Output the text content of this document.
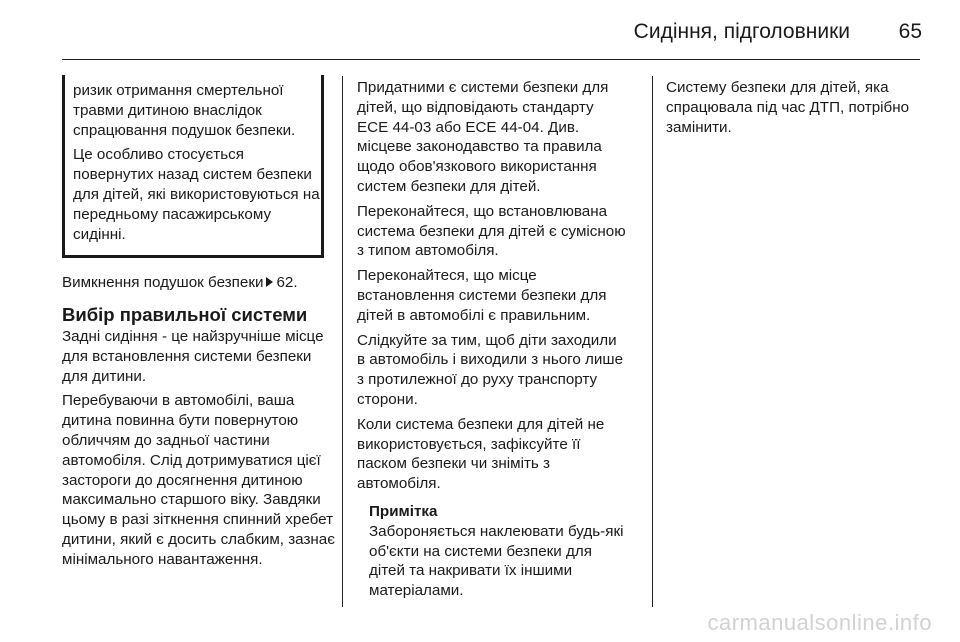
Сидіння, підголовники 65

ризик отримання смертельної травми дитиною внаслідок спрацювання подушок безпеки.

Це особливо стосується повернутих назад систем безпеки для дітей, які використовуються на передньому пасажирському сидінні.

Вимкнення подушок безпеки 62.
Вибір правильної системи

Задні сидіння - це найзручніше місце для встановлення системи безпеки для дитини.

Перебуваючи в автомобілі, ваша дитина повинна бути повернутою обличчям до задньої частини автомобіля. Слід дотримуватися цієї застороги до досягнення дитиною максимально старшого віку. Завдяки цьому в разі зіткнення спинний хребет дитини, який є досить слабким, зазнає мінімального навантаження.

Придатними є системи безпеки для дітей, що відповідають стандарту ЕСЕ 44-03 або ЕСЕ 44-04. Див. місцеве законодавство та правила щодо обов'язкового використання систем безпеки для дітей.

Переконайтеся, що встановлювана система безпеки для дітей є сумісною з типом автомобіля.

Переконайтеся, що місце встановлення системи безпеки для дітей в автомобілі є правильним.

Слідкуйте за тим, щоб діти заходили в автомобіль і виходили з нього лише з протилежної до руху транспорту сторони.

Коли система безпеки для дітей не використовується, зафіксуйте її паском безпеки чи зніміть з автомобіля.

Примітка
Забороняється наклеювати будь-які об'єкти на системи безпеки для дітей та накривати їх іншими матеріалами.

Систему безпеки для дітей, яка спрацювала під час ДТП, потрібно замінити.

carmanualsonline.info
